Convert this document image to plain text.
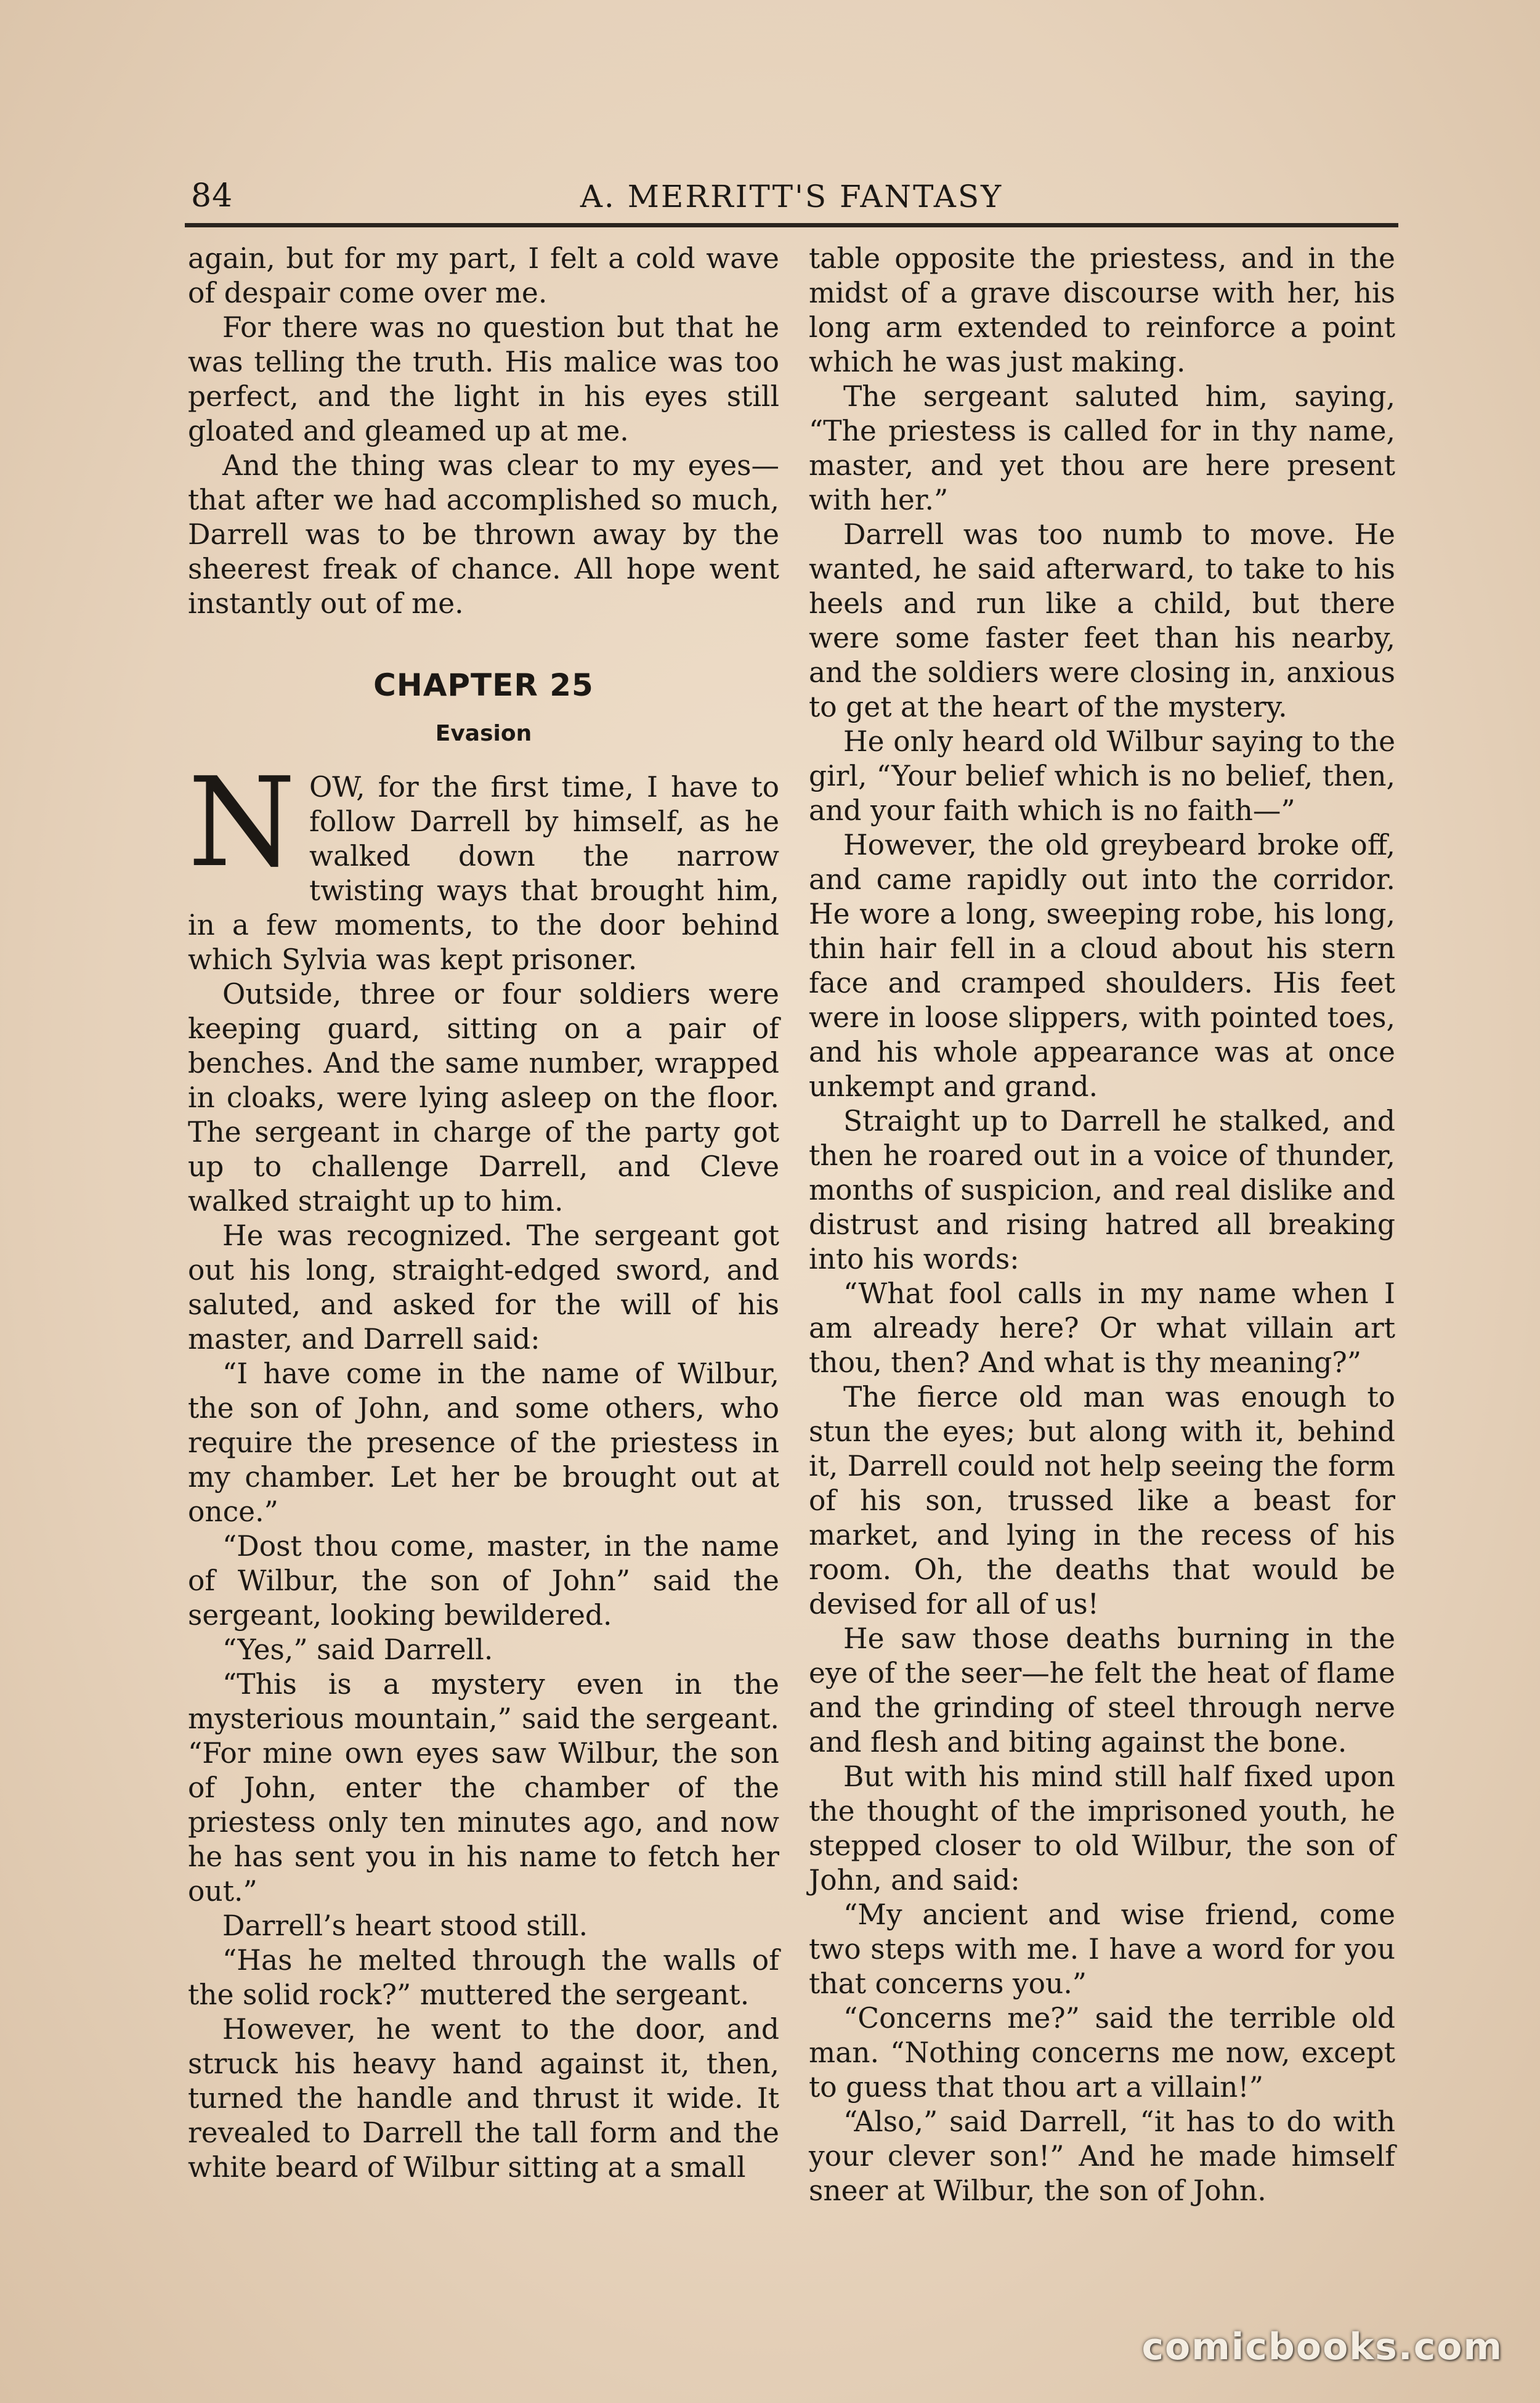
84	A. MERRITT'S FANTASY

again, but for my part, I felt a cold wave of despair come over me.

For there was no question but that he was telling the truth. His malice was too perfect, and the light in his eyes still gloated and gleamed up at me.

And the thing was clear to my eyes—that after we had accomplished so much, Darrell was to be thrown away by the sheerest freak of chance. All hope went instantly out of me.

CHAPTER 25
Evasion

NOW, for the first time, I have to follow Darrell by himself, as he walked down the narrow twisting ways that brought him, in a few moments, to the door behind which Sylvia was kept prisoner.

Outside, three or four soldiers were keeping guard, sitting on a pair of benches. And the same number, wrapped in cloaks, were lying asleep on the floor. The sergeant in charge of the party got up to challenge Darrell, and Cleve walked straight up to him.

He was recognized. The sergeant got out his long, straight-edged sword, and saluted, and asked for the will of his master, and Darrell said:

“I have come in the name of Wilbur, the son of John, and some others, who require the presence of the priestess in my chamber. Let her be brought out at once.”

“Dost thou come, master, in the name of Wilbur, the son of John” said the sergeant, looking bewildered.

“Yes,” said Darrell.

“This is a mystery even in the mysterious mountain,” said the sergeant. “For mine own eyes saw Wilbur, the son of John, enter the chamber of the priestess only ten minutes ago, and now he has sent you in his name to fetch her out.”

Darrell’s heart stood still.

“Has he melted through the walls of the solid rock?” muttered the sergeant.

However, he went to the door, and struck his heavy hand against it, then, turned the handle and thrust it wide. It revealed to Darrell the tall form and the white beard of Wilbur sitting at a small

table opposite the priestess, and in the midst of a grave discourse with her, his long arm extended to reinforce a point which he was just making.

The sergeant saluted him, saying, “The priestess is called for in thy name, master, and yet thou are here present with her.”

Darrell was too numb to move. He wanted, he said afterward, to take to his heels and run like a child, but there were some faster feet than his nearby, and the soldiers were closing in, anxious to get at the heart of the mystery.

He only heard old Wilbur saying to the girl, “Your belief which is no belief, then, and your faith which is no faith—”

However, the old greybeard broke off, and came rapidly out into the corridor. He wore a long, sweeping robe, his long, thin hair fell in a cloud about his stern face and cramped shoulders. His feet were in loose slippers, with pointed toes, and his whole appearance was at once unkempt and grand.

Straight up to Darrell he stalked, and then he roared out in a voice of thunder, months of suspicion, and real dislike and distrust and rising hatred all breaking into his words:

“What fool calls in my name when I am already here? Or what villain art thou, then? And what is thy meaning?”

The fierce old man was enough to stun the eyes; but along with it, behind it, Darrell could not help seeing the form of his son, trussed like a beast for market, and lying in the recess of his room. Oh, the deaths that would be devised for all of us!

He saw those deaths burning in the eye of the seer—he felt the heat of flame and the grinding of steel through nerve and flesh and biting against the bone.

But with his mind still half fixed upon the thought of the imprisoned youth, he stepped closer to old Wilbur, the son of John, and said:

“My ancient and wise friend, come two steps with me. I have a word for you that concerns you.”

“Concerns me?” said the terrible old man. “Nothing concerns me now, except to guess that thou art a villain!”

“Also,” said Darrell, “it has to do with your clever son!” And he made himself sneer at Wilbur, the son of John.

comicbooks.com
